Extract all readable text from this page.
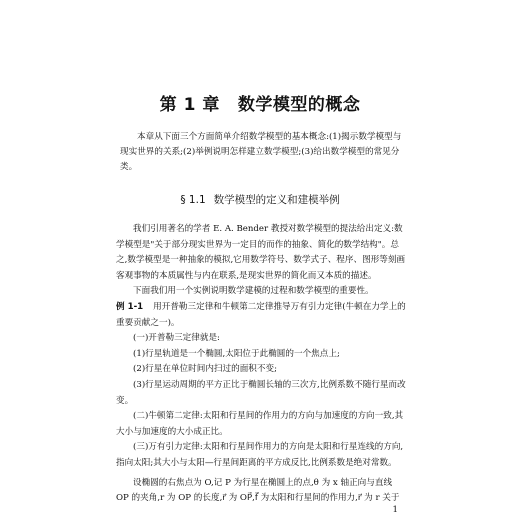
第 1 章 数学模型的概念

本章从下面三个方面简单介绍数学模型的基本概念:(1)揭示数学模型与现实世界的关系;(2)举例说明怎样建立数学模型;(3)给出数学模型的常见分类。

§ 1.1 数学模型的定义和建模举例

我们引用著名的学者 E. A. Bender 教授对数学模型的提法给出定义:数学模型是"关于部分现实世界为一定目的而作的抽象、简化的数学结构"。总之,数学模型是一种抽象的模拟,它用数学符号、数学式子、程序、图形等刻画客观事物的本质属性与内在联系,是现实世界的简化而又本质的描述。

下面我们用一个实例说明数学建模的过程和数学模型的重要性。

例 1-1 用开普勒三定律和牛顿第二定律推导万有引力定律(牛顿在力学上的重要贡献之一)。

(一)开普勒三定律就是:

(1)行星轨道是一个椭圆,太阳位于此椭圆的一个焦点上;

(2)行星在单位时间内扫过的面积不变;

(3)行星运动周期的平方正比于椭圆长轴的三次方,比例系数不随行星而改变。

(二)牛顿第二定律:太阳和行星间的作用力的方向与加速度的方向一致,其大小与加速度的大小成正比。

(三)万有引力定律:太阳和行星间作用力的方向是太阳和行星连线的方向,指向太阳;其大小与太阳—行星间距离的平方成反比,比例系数是绝对常数。

设椭圆的右焦点为 O,记 P 为行星在椭圆上的点,θ 为 x 轴正向与直线 OP 的夹角,r 为 OP 的长度,r⃗ 为 OP⃗,f⃗ 为太阳和行星间的作用力,r⃗ 为 r 关于

1
